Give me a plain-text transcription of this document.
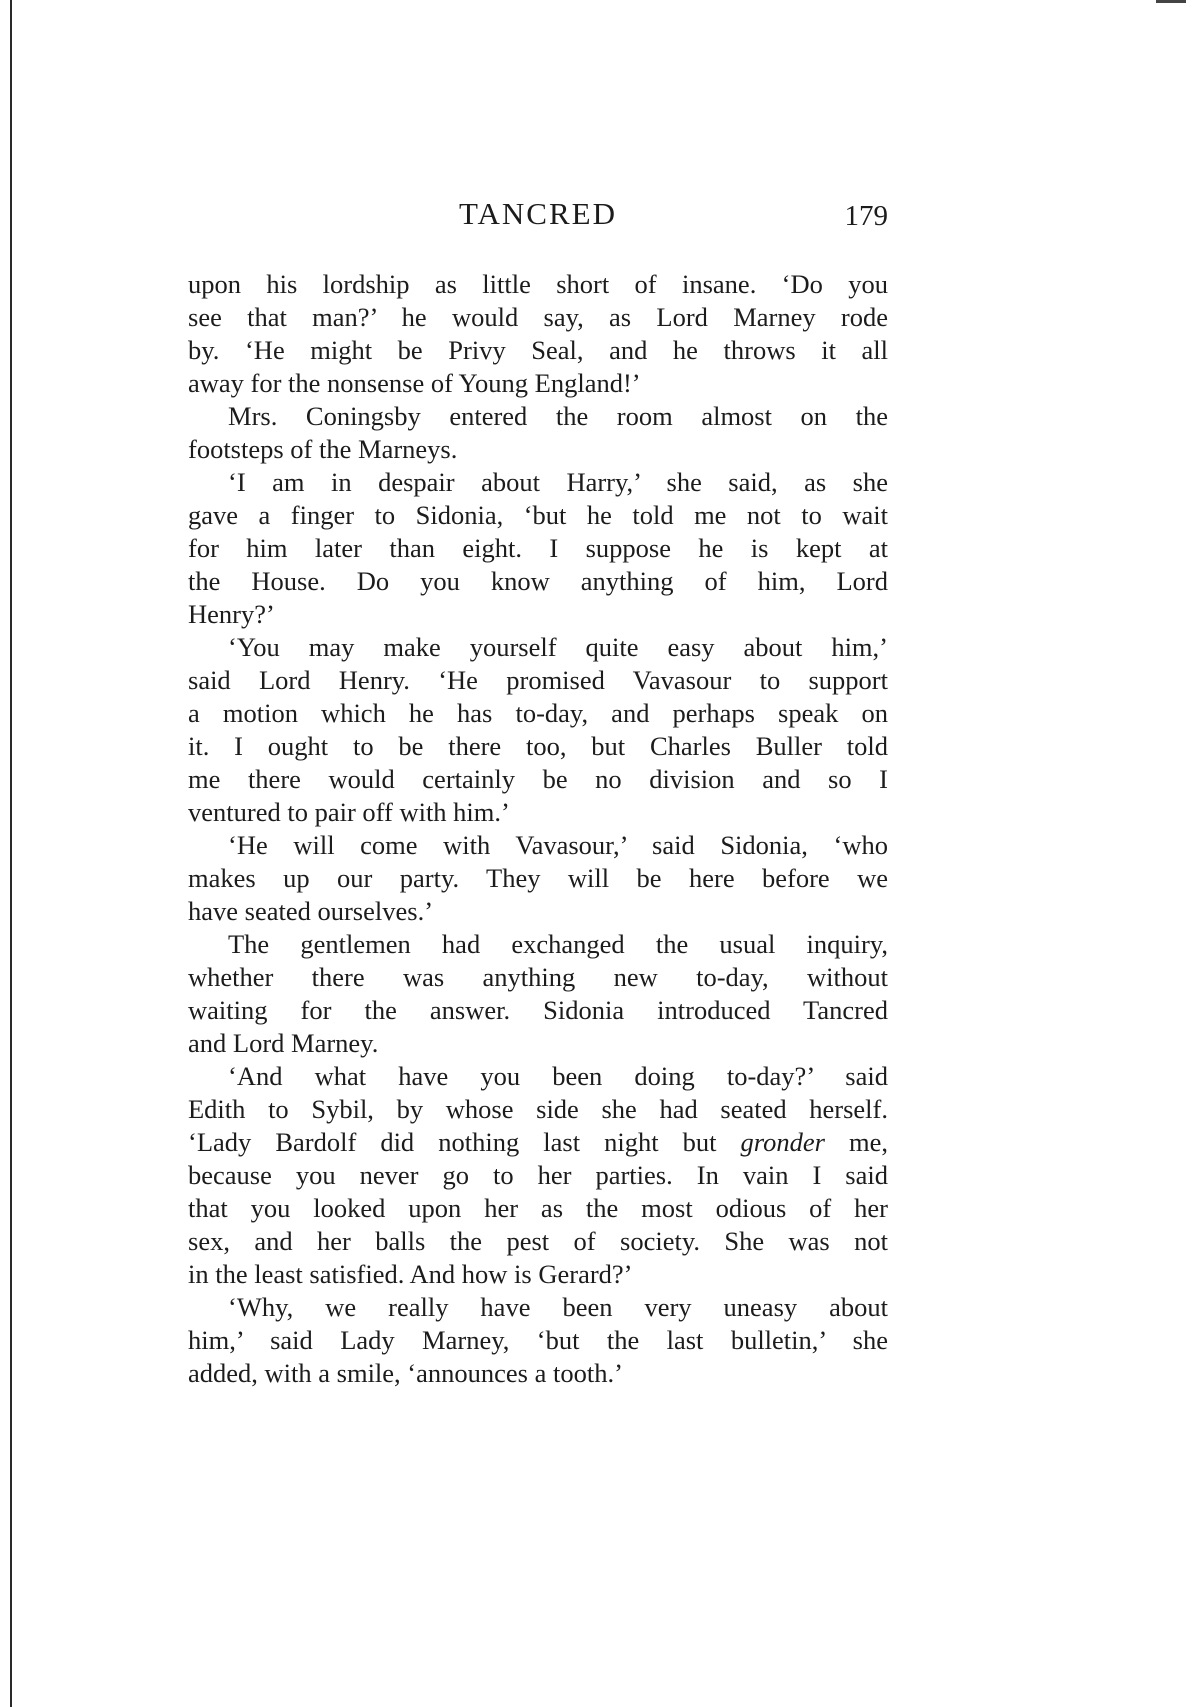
TANCRED	179
upon his lordship as little short of insane. ‘Do you
see that man?’ he would say, as Lord Marney rode
by. ‘He might be Privy Seal, and he throws it all
away for the nonsense of Young England!’
Mrs. Coningsby entered the room almost on the
footsteps of the Marneys.
‘I am in despair about Harry,’ she said, as she
gave a finger to Sidonia, ‘but he told me not to wait
for him later than eight. I suppose he is kept at
the House. Do you know anything of him, Lord
Henry?’
‘You may make yourself quite easy about him,’
said Lord Henry. ‘He promised Vavasour to support
a motion which he has to-day, and perhaps speak on
it. I ought to be there too, but Charles Buller told
me there would certainly be no division and so I
ventured to pair off with him.’
‘He will come with Vavasour,’ said Sidonia, ‘who
makes up our party. They will be here before we
have seated ourselves.’
The gentlemen had exchanged the usual inquiry,
whether there was anything new to-day, without
waiting for the answer. Sidonia introduced Tancred
and Lord Marney.
‘And what have you been doing to-day?’ said
Edith to Sybil, by whose side she had seated herself.
‘Lady Bardolf did nothing last night but gronder me,
because you never go to her parties. In vain I said
that you looked upon her as the most odious of her
sex, and her balls the pest of society. She was not
in the least satisfied. And how is Gerard?’
‘Why, we really have been very uneasy about
him,’ said Lady Marney, ‘but the last bulletin,’ she
added, with a smile, ‘announces a tooth.’
